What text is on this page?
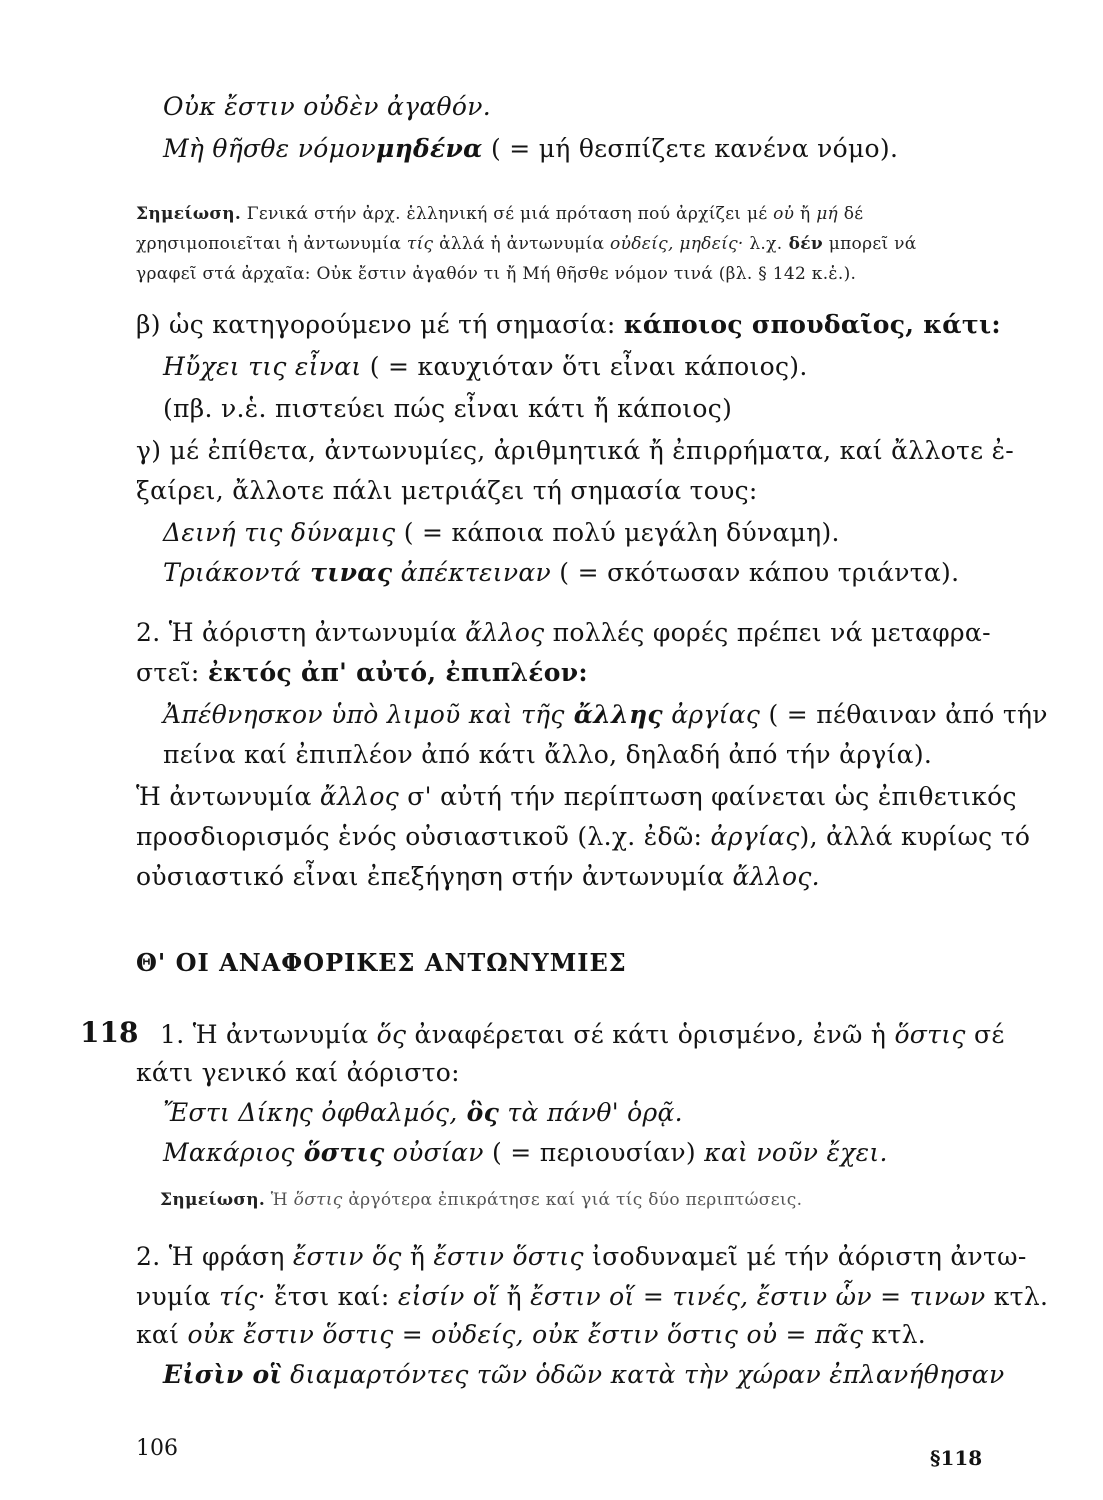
Οὐκ ἔστιν οὐδὲν ἀγαθόν.

Μὴ θῆσθε νόμονμηδένα ( = μή θεσπίζετε κανένα νόμο).

Σημείωση. Γενικά στήν ἀρχ. ἑλληνική σέ μιά πρόταση πού ἀρχίζει μέ οὐ ἤ μή δέ

χρησιμοποιεῖται ἡ ἀντωνυμία τίς ἀλλά ἡ ἀντωνυμία οὐδείς, μηδείς· λ.χ. δέν μπορεῖ νά

γραφεῖ στά ἀρχαῖα: Οὐκ ἔστιν ἀγαθόν τι ἤ Μή θῆσθε νόμον τινά (βλ. § 142 κ.ἑ.).

β) ὡς κατηγορούμενο μέ τή σημασία: κάποιος σπουδαῖος, κάτι:

Ηὔχει τις εἶναι ( = καυχιόταν ὅτι εἶναι κάποιος).

(πβ. ν.ἑ. πιστεύει πώς εἶναι κάτι ἤ κάποιος)

γ) μέ ἐπίθετα, ἀντωνυμίες, ἀριθμητικά ἤ ἐπιρρήματα, καί ἄλλοτε ἐ-

ξαίρει, ἄλλοτε πάλι μετριάζει τή σημασία τους:

Δεινή τις δύναμις ( = κάποια πολύ μεγάλη δύναμη).

Τριάκοντά τινας ἀπέκτειναν ( = σκότωσαν κάπου τριάντα).

2. Ἡ ἀόριστη ἀντωνυμία ἄλλος πολλές φορές πρέπει νά μεταφρα-

στεῖ: ἐκτός ἀπ' αὐτό, ἐπιπλέον:

Ἀπέθνησκον ὑπὸ λιμοῦ καὶ τῆς ἄλλης ἀργίας ( = πέθαιναν ἀπό τήν

πείνα καί ἐπιπλέον ἀπό κάτι ἄλλο, δηλαδή ἀπό τήν ἀργία).

Ἡ ἀντωνυμία ἄλλος σ' αὐτή τήν περίπτωση φαίνεται ὡς ἐπιθετικός

προσδιορισμός ἑνός οὐσιαστικοῦ (λ.χ. ἐδῶ: ἀργίας), ἀλλά κυρίως τό

οὐσιαστικό εἶναι ἐπεξήγηση στήν ἀντωνυμία ἄλλος.

Θ' ΟΙ ΑΝΑΦΟΡΙΚΕΣ ΑΝΤΩΝΥΜΙΕΣ
118 1. Ἡ ἀντωνυμία ὅς ἀναφέρεται σέ κάτι ὁρισμένο, ἐνῶ ἡ ὅστις σέ

κάτι γενικό καί ἀόριστο:

Ἔστι Δίκης ὀφθαλμός, ὃς τὰ πάνθ' ὁρᾷ.

Μακάριος ὅστις οὐσίαν ( = περιουσίαν) καὶ νοῦν ἔχει.

Σημείωση. Ἡ ὅστις ἀργότερα ἐπικράτησε καί γιά τίς δύο περιπτώσεις.

2. Ἡ φράση ἔστιν ὅς ἤ ἔστιν ὅστις ἰσοδυναμεῖ μέ τήν ἀόριστη ἀντω-

νυμία τίς· ἔτσι καί: εἰσίν οἵ ἤ ἔστιν οἵ = τινές, ἔστιν ὧν = τινων κτλ.

καί οὐκ ἔστιν ὅστις = οὐδείς, οὐκ ἔστιν ὅστις οὐ = πᾶς κτλ.

Εἰσὶν οἳ διαμαρτόντες τῶν ὁδῶν κατὰ τὴν χώραν ἐπλανήθησαν

106	§118
